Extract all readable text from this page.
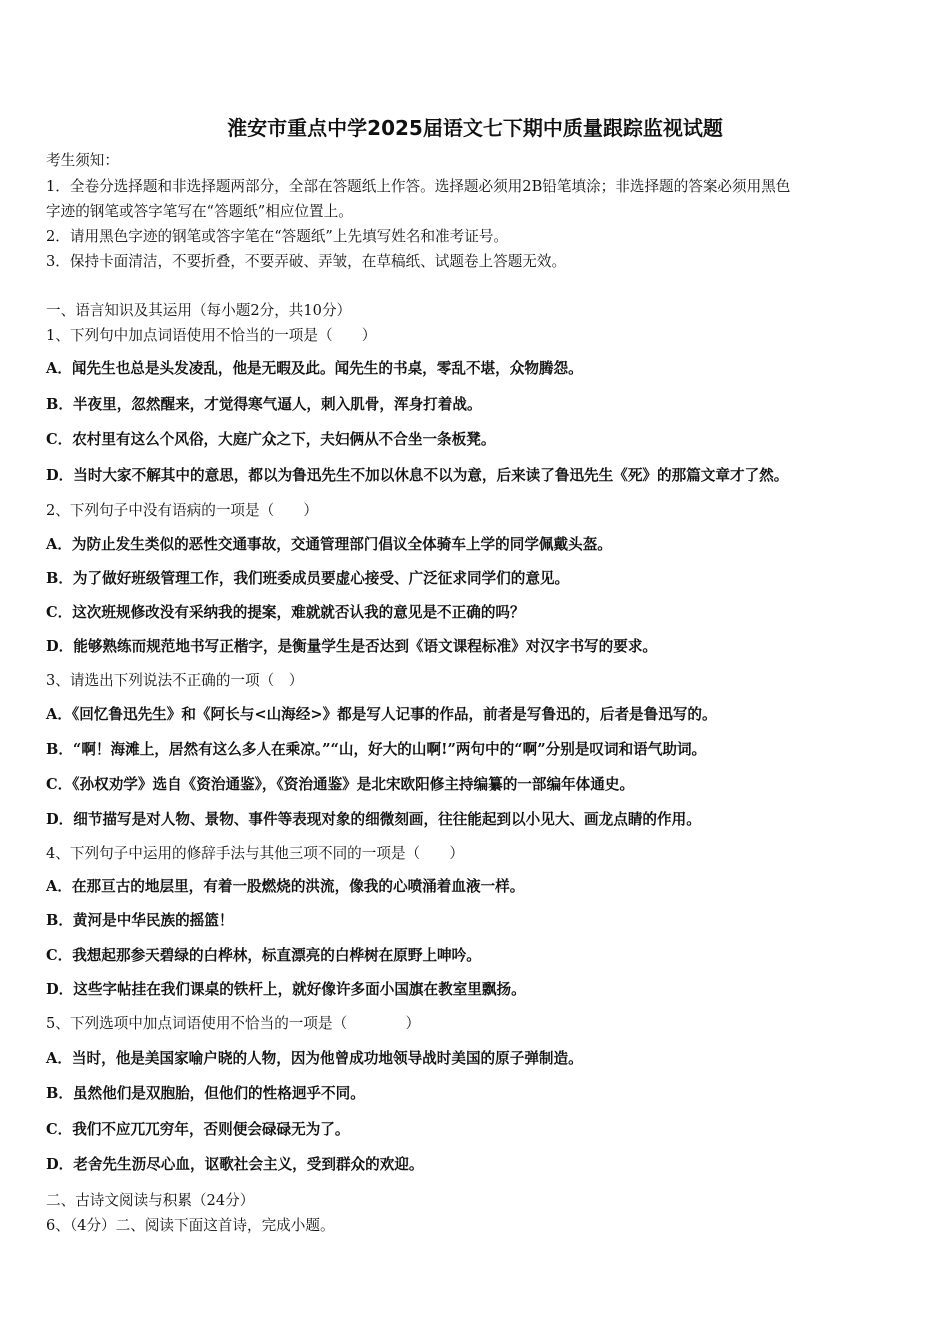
淮安市重点中学2025届语文七下期中质量跟踪监视试题
考生须知：
1．全卷分选择题和非选择题两部分，全部在答题纸上作答。选择题必须用2B铅笔填涂；非选择题的答案必须用黑色
字迹的钢笔或答字笔写在“答题纸”相应位置上。
2．请用黑色字迹的钢笔或答字笔在“答题纸”上先填写姓名和准考证号。
3．保持卡面清洁，不要折叠，不要弄破、弄皱，在草稿纸、试题卷上答题无效。
一、语言知识及其运用（每小题2分，共10分）
1、下列句中加点词语使用不恰当的一项是（　　）
A．闻先生也总是头发凌乱，他是无暇及此。闻先生的书桌，零乱不堪，众物腾怨。
B．半夜里，忽然醒来，才觉得寒气逼人，刺入肌骨，浑身打着战。
C．农村里有这么个风俗，大庭广众之下，夫妇俩从不合坐一条板凳。
D．当时大家不解其中的意思，都以为鲁迅先生不加以休息不以为意，后来读了鲁迅先生《死》的那篇文章才了然。
2、下列句子中没有语病的一项是（　　）
A．为防止发生类似的恶性交通事故，交通管理部门倡议全体骑车上学的同学佩戴头盔。
B．为了做好班级管理工作，我们班委成员要虚心接受、广泛征求同学们的意见。
C．这次班规修改没有采纳我的提案，难就就否认我的意见是不正确的吗？
D．能够熟练而规范地书写正楷字，是衡量学生是否达到《语文课程标准》对汉字书写的要求。
3、请选出下列说法不正确的一项（　）
A．《回忆鲁迅先生》和《阿长与<山海经>》都是写人记事的作品，前者是写鲁迅的，后者是鲁迅写的。
B．“啊！海滩上，居然有这么多人在乘凉。”“山，好大的山啊!”两句中的“啊”分别是叹词和语气助词。
C．《孙权劝学》选自《资治通鉴》，《资治通鉴》是北宋欧阳修主持编纂的一部编年体通史。
D．细节描写是对人物、景物、事件等表现对象的细微刻画，往往能起到以小见大、画龙点睛的作用。
4、下列句子中运用的修辞手法与其他三项不同的一项是（　　）
A．在那亘古的地层里，有着一股燃烧的洪流，像我的心喷涌着血液一样。
B．黄河是中华民族的摇篮！
C．我想起那参天碧绿的白桦林，标直漂亮的白桦树在原野上呻吟。
D．这些字帖挂在我们课桌的铁杆上，就好像许多面小国旗在教室里飘扬。
5、下列选项中加点词语使用不恰当的一项是（　　　　）
A．当时，他是美国家喻户晓的人物，因为他曾成功地领导战时美国的原子弹制造。
B．虽然他们是双胞胎，但他们的性格迥乎不同。
C．我们不应兀兀穷年，否则便会碌碌无为了。
D．老舍先生沥尽心血，讴歌社会主义，受到群众的欢迎。
二、古诗文阅读与积累（24分）
6、（4分）二、阅读下面这首诗，完成小题。
